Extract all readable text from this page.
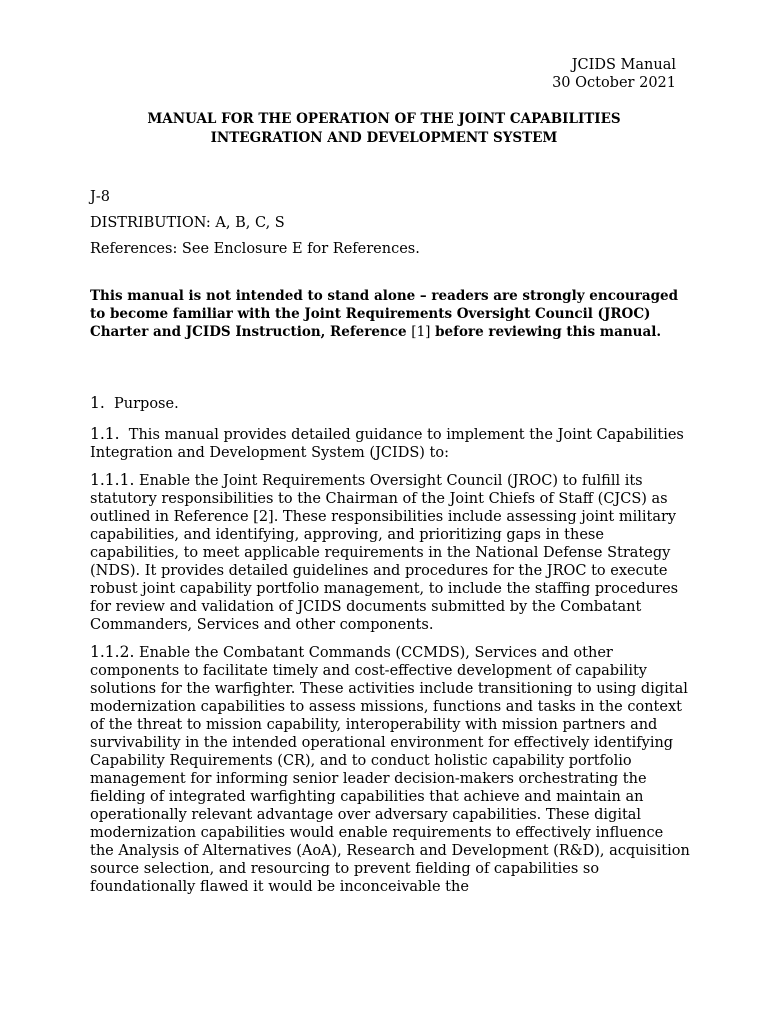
JCIDS Manual
30 October 2021
MANUAL FOR THE OPERATION OF THE JOINT CAPABILITIES
INTEGRATION AND DEVELOPMENT SYSTEM
J-8
DISTRIBUTION: A, B, C, S
References: See Enclosure E for References.
This manual is not intended to stand alone – readers are strongly encouraged to become familiar with the Joint Requirements Oversight Council (JROC) Charter and JCIDS Instruction, Reference [1] before reviewing this manual.

1. Purpose.

1.1. This manual provides detailed guidance to implement the Joint Capabilities Integration and Development System (JCIDS) to:

1.1.1. Enable the Joint Requirements Oversight Council (JROC) to fulfill its statutory responsibilities to the Chairman of the Joint Chiefs of Staff (CJCS) as outlined in Reference [2]. These responsibilities include assessing joint military capabilities, and identifying, approving, and prioritizing gaps in these capabilities, to meet applicable requirements in the National Defense Strategy (NDS). It provides detailed guidelines and procedures for the JROC to execute robust joint capability portfolio management, to include the staffing procedures for review and validation of JCIDS documents submitted by the Combatant Commanders, Services and other components.

1.1.2. Enable the Combatant Commands (CCMDS), Services and other components to facilitate timely and cost-effective development of capability solutions for the warfighter. These activities include transitioning to using digital modernization capabilities to assess missions, functions and tasks in the context of the threat to mission capability, interoperability with mission partners and survivability in the intended operational environment for effectively identifying Capability Requirements (CR), and to conduct holistic capability portfolio management for informing senior leader decision-makers orchestrating the fielding of integrated warfighting capabilities that achieve and maintain an operationally relevant advantage over adversary capabilities. These digital modernization capabilities would enable requirements to effectively influence the Analysis of Alternatives (AoA), Research and Development (R&D), acquisition source selection, and resourcing to prevent fielding of capabilities so foundationally flawed it would be inconceivable the
